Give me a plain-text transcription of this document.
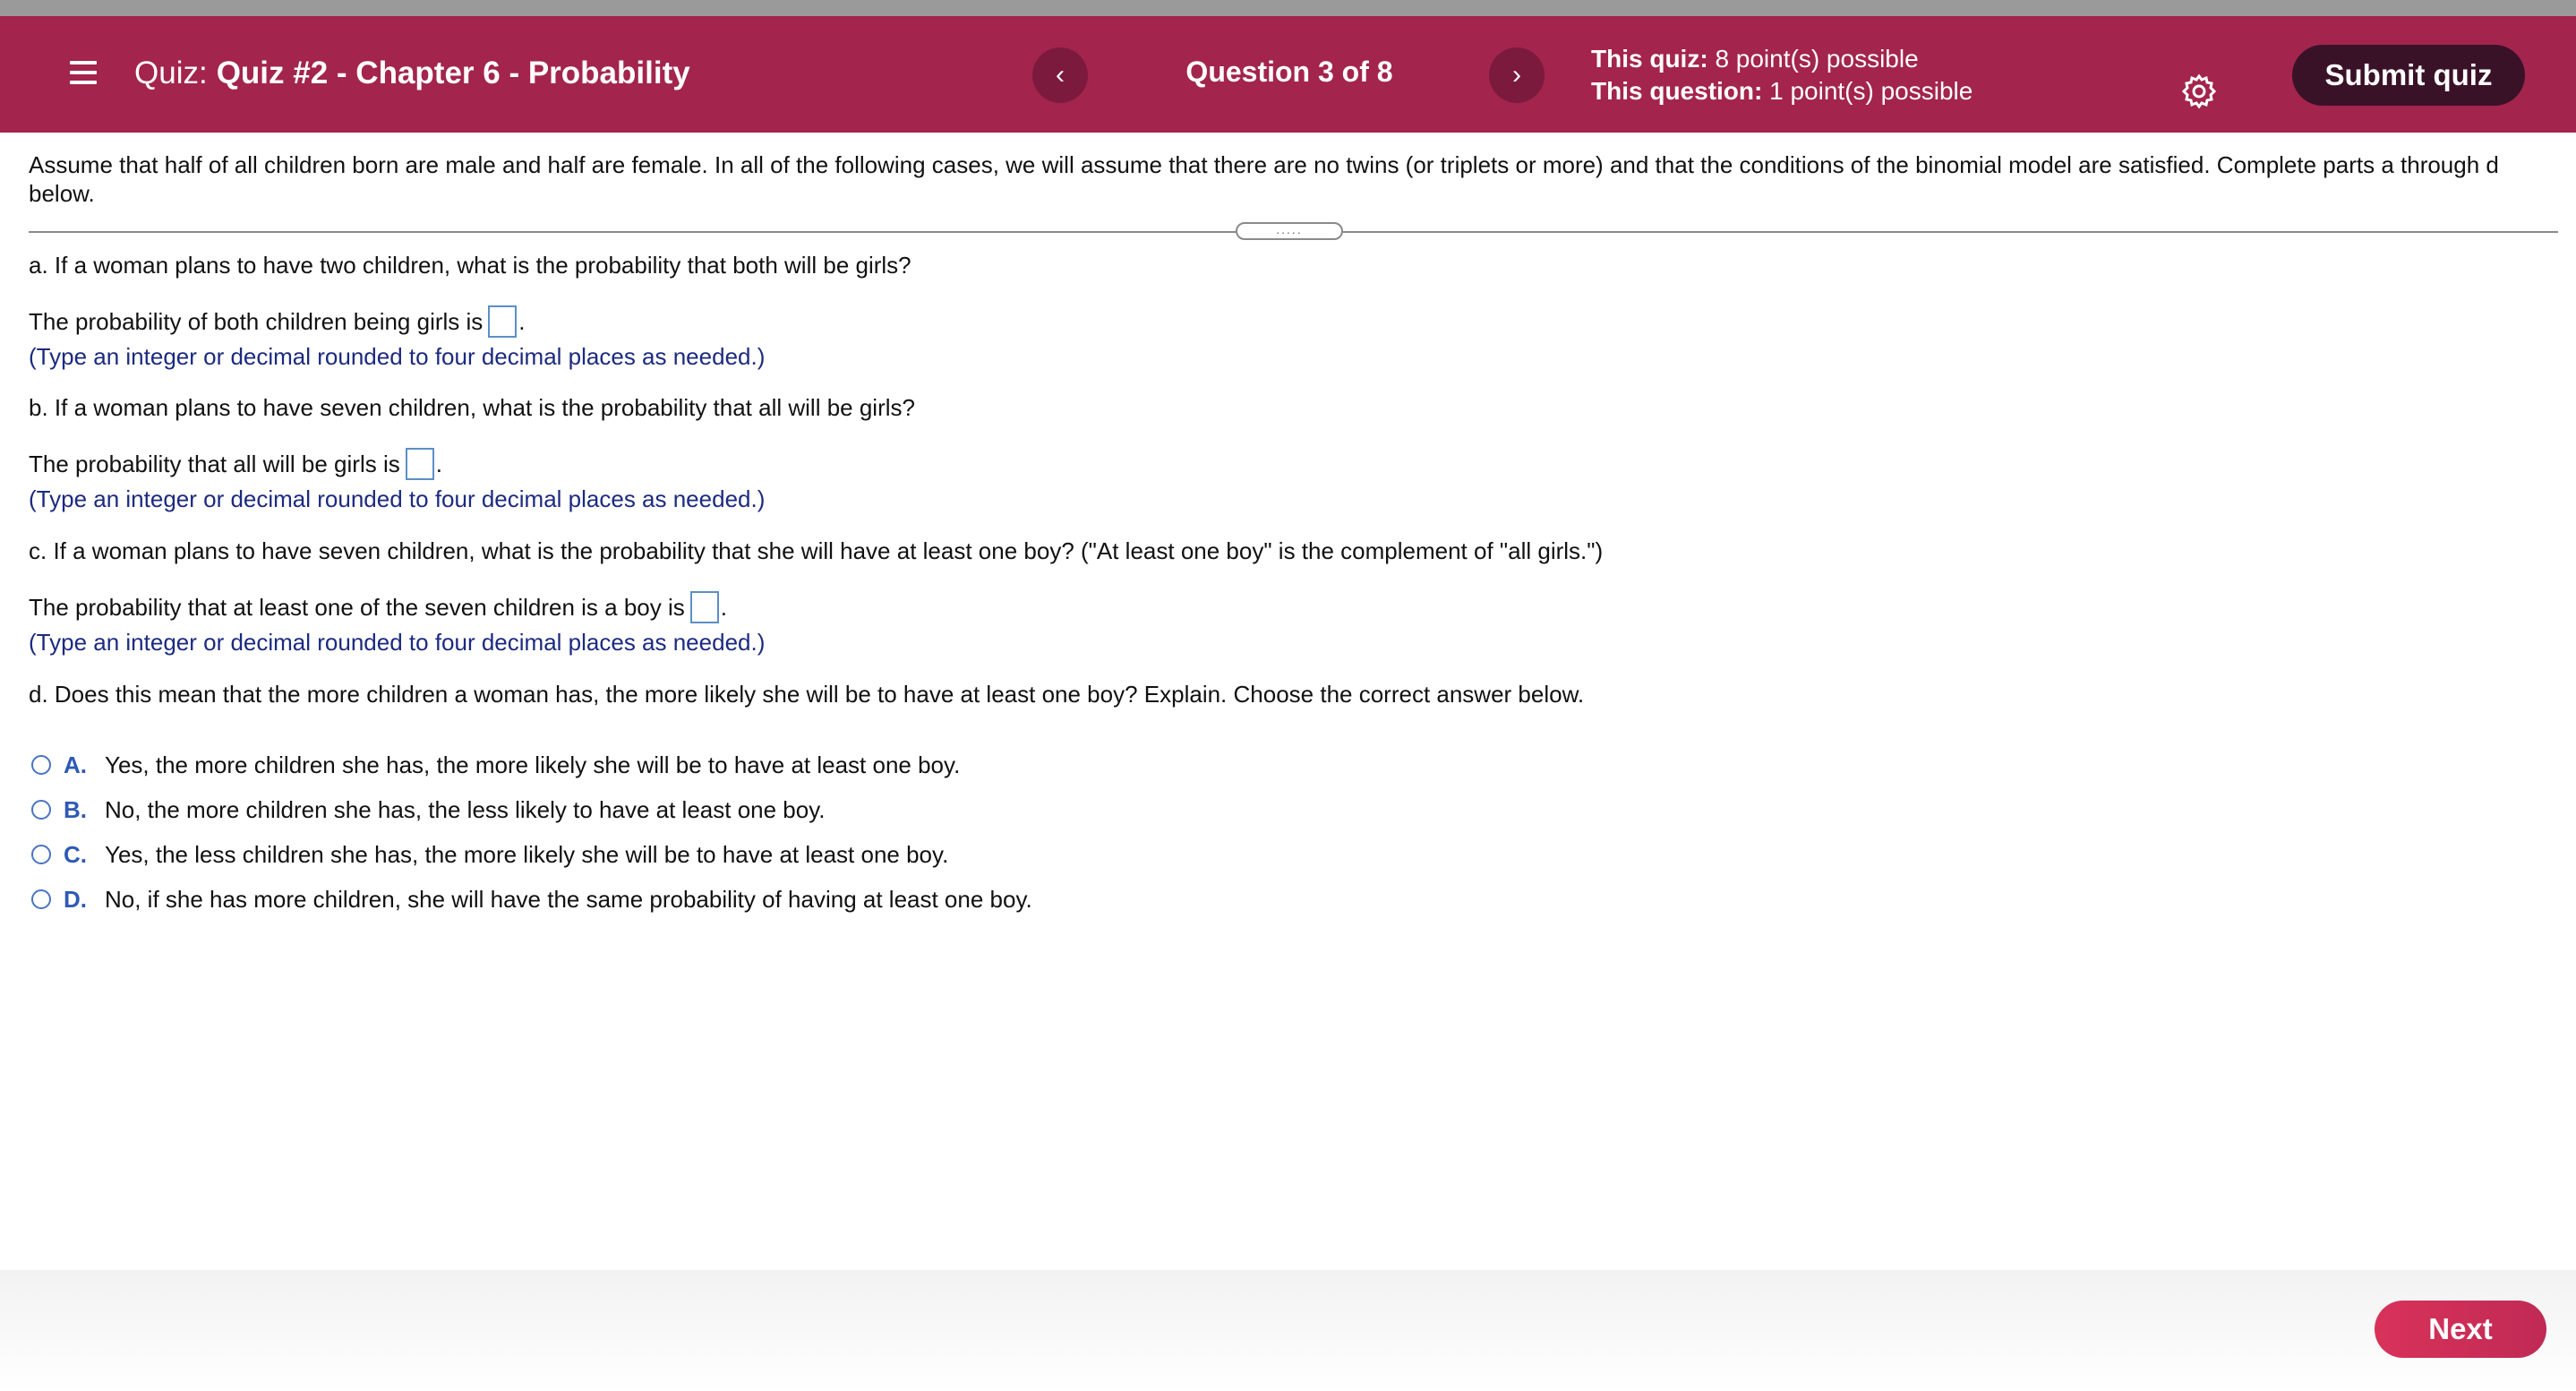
Quiz: Quiz #2 - Chapter 6 - Probability	‹	Question 3 of 8	›
This quiz: 8 point(s) possible
This question: 1 point(s) possible	Submit quiz
Assume that half of all children born are male and half are female. In all of the following cases, we will assume that there are no twins (or triplets or more) and that the conditions of the binomial model are satisfied. Complete parts a through d below.
.....
a. If a woman plans to have two children, what is the probability that both will be girls?
The probability of both children being girls is .
(Type an integer or decimal rounded to four decimal places as needed.)
b. If a woman plans to have seven children, what is the probability that all will be girls?
The probability that all will be girls is .
(Type an integer or decimal rounded to four decimal places as needed.)
c. If a woman plans to have seven children, what is the probability that she will have at least one boy? ("At least one boy" is the complement of "all girls.")
The probability that at least one of the seven children is a boy is .
(Type an integer or decimal rounded to four decimal places as needed.)
d. Does this mean that the more children a woman has, the more likely she will be to have at least one boy? Explain. Choose the correct answer below.
A. Yes, the more children she has, the more likely she will be to have at least one boy.
B. No, the more children she has, the less likely to have at least one boy.
C. Yes, the less children she has, the more likely she will be to have at least one boy.
D. No, if she has more children, she will have the same probability of having at least one boy.
Next
